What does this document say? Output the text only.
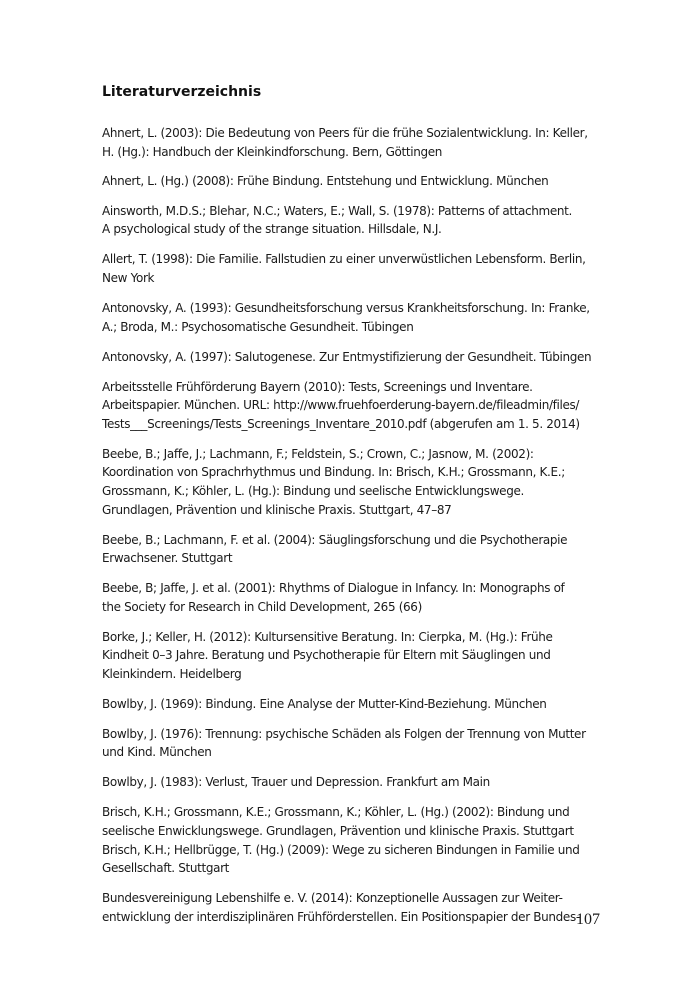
Literaturverzeichnis

Ahnert, L. (2003): Die Bedeutung von Peers für die frühe Sozialentwicklung. In: Keller,
H. (Hg.): Handbuch der Kleinkindforschung. Bern, Göttingen

Ahnert, L. (Hg.) (2008): Frühe Bindung. Entstehung und Entwicklung. München

Ainsworth, M.D.S.; Blehar, N.C.; Waters, E.; Wall, S. (1978): Patterns of attachment.
A psychological study of the strange situation. Hillsdale, N.J.

Allert, T. (1998): Die Familie. Fallstudien zu einer unverwüstlichen Lebensform. Berlin,
New York

Antonovsky, A. (1993): Gesundheitsforschung versus Krankheitsforschung. In: Franke,
A.; Broda, M.: Psychosomatische Gesundheit. Tübingen

Antonovsky, A. (1997): Salutogenese. Zur Entmystifizierung der Gesundheit. Tübingen

Arbeitsstelle Frühförderung Bayern (2010): Tests, Screenings und Inventare.
Arbeitspapier. München. URL: http://www.fruehfoerderung-bayern.de/fileadmin/files/
Tests___Screenings/Tests_Screenings_Inventare_2010.pdf (abgerufen am 1. 5. 2014)

Beebe, B.; Jaffe, J.; Lachmann, F.; Feldstein, S.; Crown, C.; Jasnow, M. (2002):
Koordination von Sprachrhythmus und Bindung. In: Brisch, K.H.; Grossmann, K.E.;
Grossmann, K.; Köhler, L. (Hg.): Bindung und seelische Entwicklungswege.
Grundlagen, Prävention und klinische Praxis. Stuttgart, 47–87

Beebe, B.; Lachmann, F. et al. (2004): Säuglingsforschung und die Psychotherapie
Erwachsener. Stuttgart

Beebe, B; Jaffe, J. et al. (2001): Rhythms of Dialogue in Infancy. In: Monographs of
the Society for Research in Child Development, 265 (66)

Borke, J.; Keller, H. (2012): Kultursensitive Beratung. In: Cierpka, M. (Hg.): Frühe
Kindheit 0–3 Jahre. Beratung und Psychotherapie für Eltern mit Säuglingen und
Kleinkindern. Heidelberg

Bowlby, J. (1969): Bindung. Eine Analyse der Mutter-Kind-Beziehung. München

Bowlby, J. (1976): Trennung: psychische Schäden als Folgen der Trennung von Mutter
und Kind. München

Bowlby, J. (1983): Verlust, Trauer und Depression. Frankfurt am Main

Brisch, K.H.; Grossmann, K.E.; Grossmann, K.; Köhler, L. (Hg.) (2002): Bindung und
seelische Enwicklungswege. Grundlagen, Prävention und klinische Praxis. Stuttgart
Brisch, K.H.; Hellbrügge, T. (Hg.) (2009): Wege zu sicheren Bindungen in Familie und
Gesellschaft. Stuttgart

Bundesvereinigung Lebenshilfe e. V. (2014): Konzeptionelle Aussagen zur Weiter-
entwicklung der interdisziplinären Frühförderstellen. Ein Positionspapier der Bundes-

107
